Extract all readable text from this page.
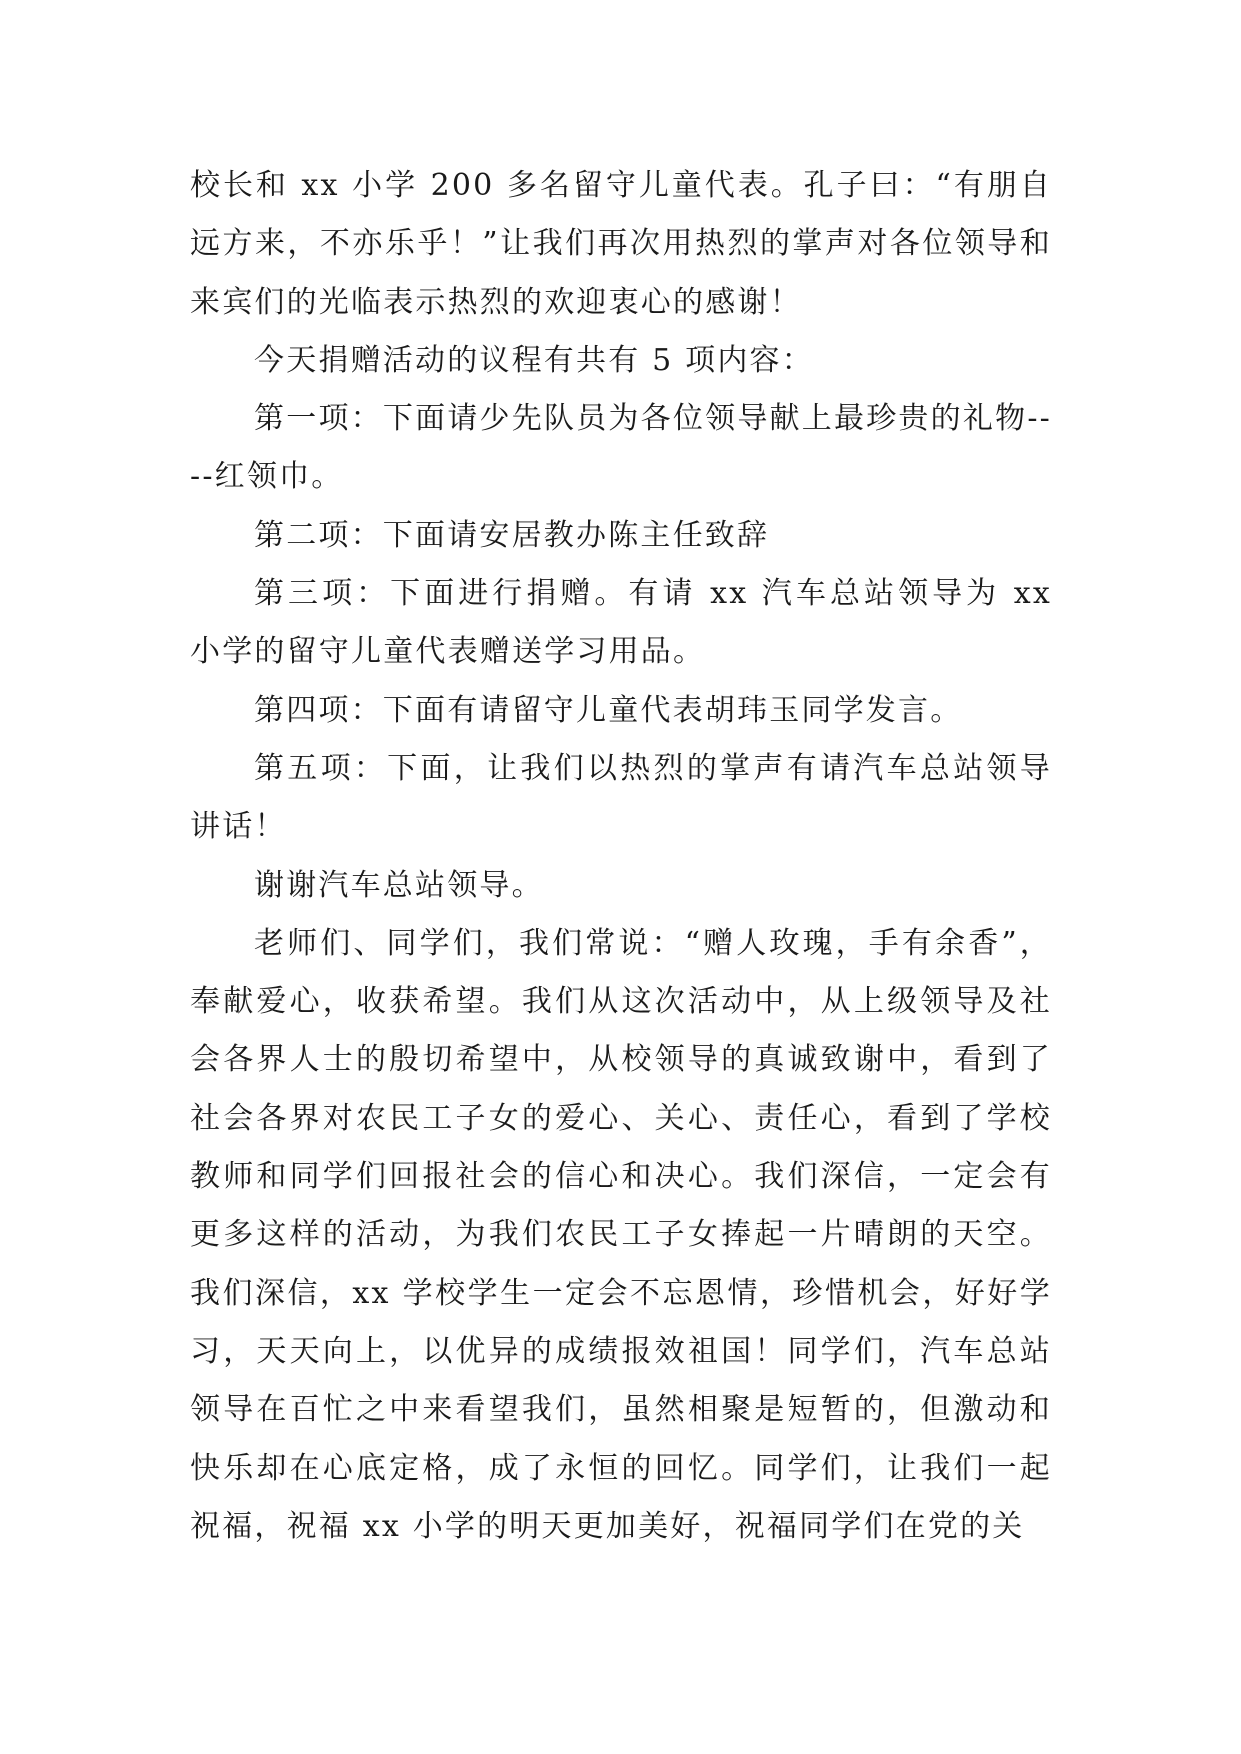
校长和 xx 小学 200 多名留守儿童代表。孔子曰：“有朋自远方来，不亦乐乎！”让我们再次用热烈的掌声对各位领导和来宾们的光临表示热烈的欢迎衷心的感谢！

今天捐赠活动的议程有共有 5 项内容：

第一项：下面请少先队员为各位领导献上最珍贵的礼物----红领巾。

第二项：下面请安居教办陈主任致辞

第三项：下面进行捐赠。有请 xx 汽车总站领导为 xx 小学的留守儿童代表赠送学习用品。

第四项：下面有请留守儿童代表胡玮玉同学发言。

第五项：下面，让我们以热烈的掌声有请汽车总站领导讲话！

谢谢汽车总站领导。

老师们、同学们，我们常说：“赠人玫瑰，手有余香”，奉献爱心，收获希望。我们从这次活动中，从上级领导及社会各界人士的殷切希望中，从校领导的真诚致谢中，看到了社会各界对农民工子女的爱心、关心、责任心，看到了学校教师和同学们回报社会的信心和决心。我们深信，一定会有更多这样的活动，为我们农民工子女捧起一片晴朗的天空。我们深信，xx 学校学生一定会不忘恩情，珍惜机会，好好学习，天天向上，以优异的成绩报效祖国！同学们，汽车总站领导在百忙之中来看望我们，虽然相聚是短暂的，但激动和快乐却在心底定格，成了永恒的回忆。同学们，让我们一起祝福，祝福 xx 小学的明天更加美好，祝福同学们在党的关
